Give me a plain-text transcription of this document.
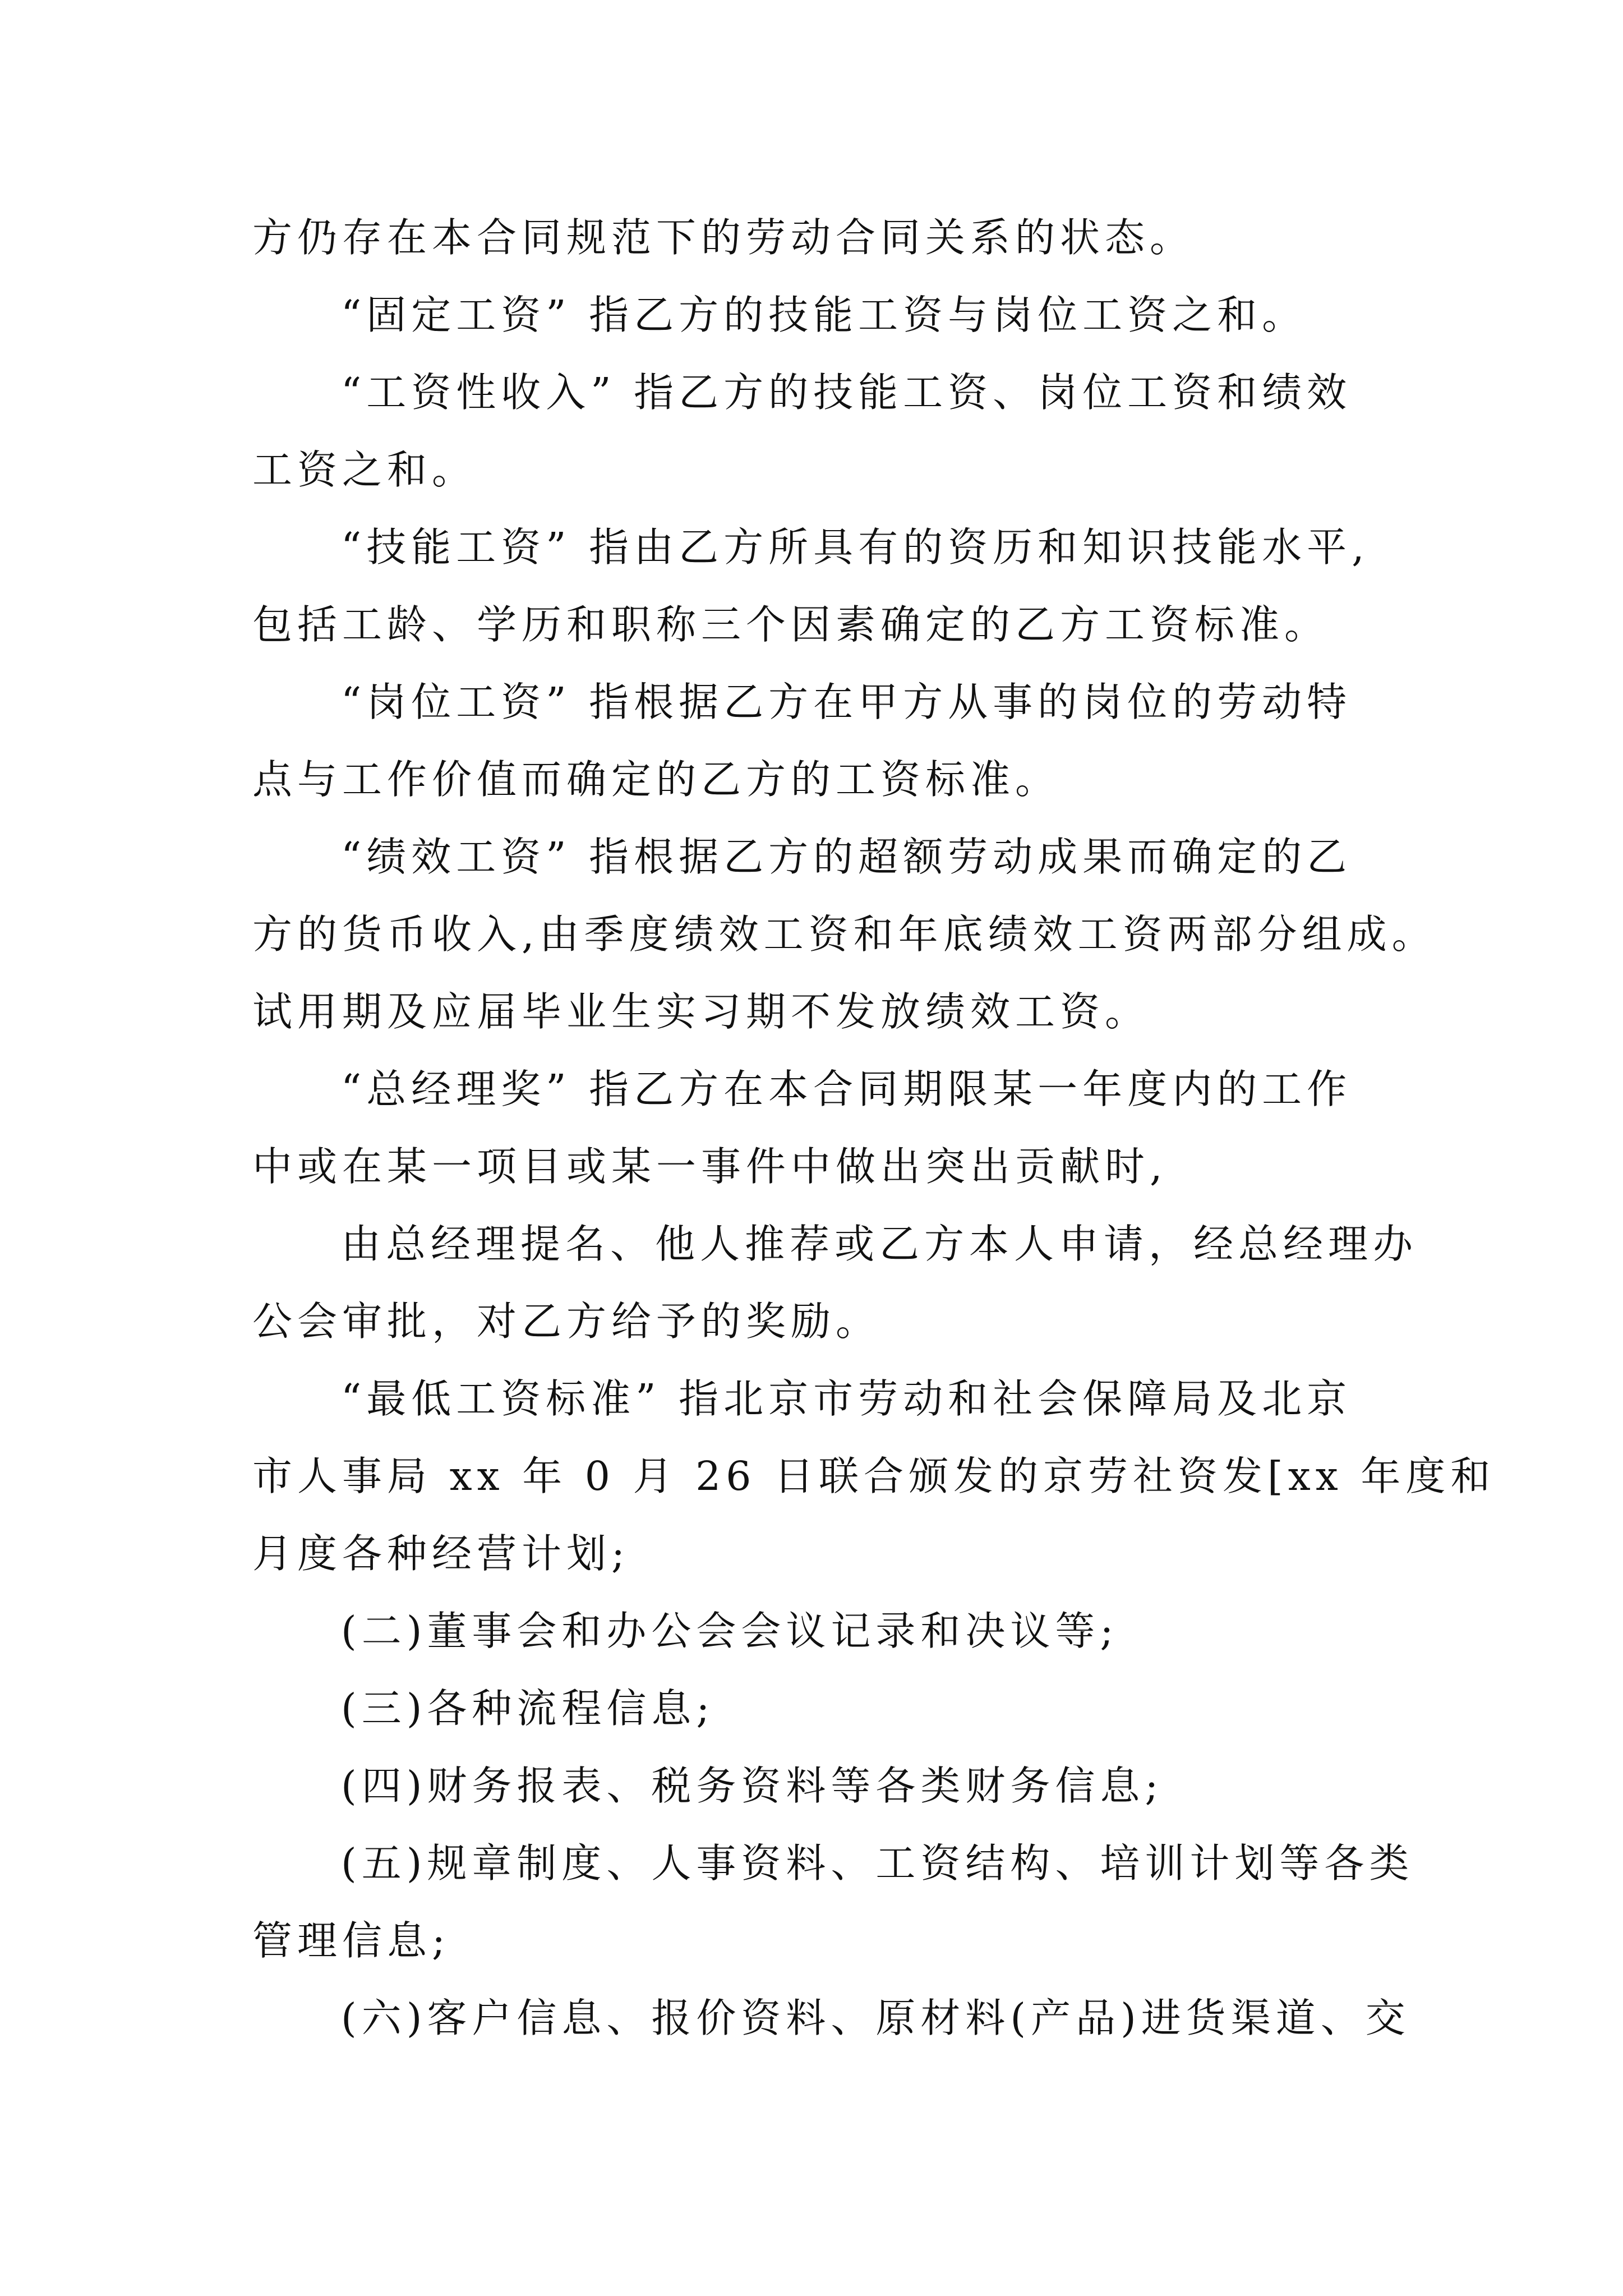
方仍存在本合同规范下的劳动合同关系的状态。
“固定工资” 指乙方的技能工资与岗位工资之和。
“工资性收入” 指乙方的技能工资、岗位工资和绩效
工资之和。
“技能工资” 指由乙方所具有的资历和知识技能水平,
包括工龄、学历和职称三个因素确定的乙方工资标准。
“岗位工资” 指根据乙方在甲方从事的岗位的劳动特
点与工作价值而确定的乙方的工资标准。
“绩效工资” 指根据乙方的超额劳动成果而确定的乙
方的货币收入,由季度绩效工资和年底绩效工资两部分组成。
试用期及应届毕业生实习期不发放绩效工资。
“总经理奖” 指乙方在本合同期限某一年度内的工作
中或在某一项目或某一事件中做出突出贡献时,
由总经理提名、他人推荐或乙方本人申请，经总经理办
公会审批，对乙方给予的奖励。
“最低工资标准” 指北京市劳动和社会保障局及北京
市人事局 xx 年 0 月 26 日联合颁发的京劳社资发[xx 年度和
月度各种经营计划;
(二)董事会和办公会会议记录和决议等;
(三)各种流程信息;
(四)财务报表、税务资料等各类财务信息;
(五)规章制度、人事资料、工资结构、培训计划等各类
管理信息;
(六)客户信息、报价资料、原材料(产品)进货渠道、交
